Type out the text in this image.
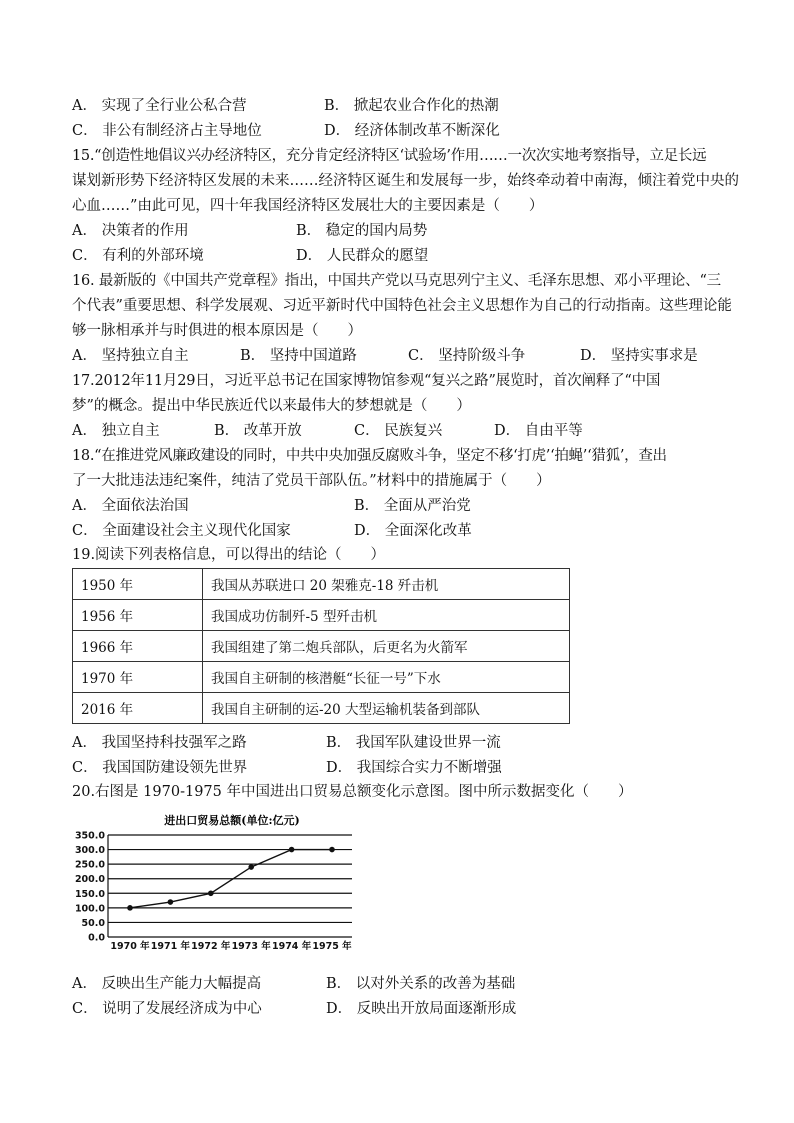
A． 实现了全行业公私合营	B． 掀起农业合作化的热潮
C． 非公有制经济占主导地位	D． 经济体制改革不断深化
15.“创造性地倡议兴办经济特区，充分肯定经济特区‘试验场’作用……一次次实地考察指导，立足长远
谋划新形势下经济特区发展的未来……经济特区诞生和发展每一步，始终牵动着中南海，倾注着党中央的
心血……”由此可见，四十年我国经济特区发展壮大的主要因素是（　　）
A． 决策者的作用	B． 稳定的国内局势
C． 有利的外部环境	D． 人民群众的愿望
16. 最新版的《中国共产党章程》指出，中国共产党以马克思列宁主义、毛泽东思想、邓小平理论、“三
个代表”重要思想、科学发展观、习近平新时代中国特色社会主义思想作为自己的行动指南。这些理论能
够一脉相承并与时俱进的根本原因是（　　）
A． 坚持独立自主	B． 坚持中国道路	C． 坚持阶级斗争	D． 坚持实事求是
17.2012年11月29日，习近平总书记在国家博物馆参观“复兴之路”展览时，首次阐释了“中国
梦”的概念。提出中华民族近代以来最伟大的梦想就是（　　）
A． 独立自主	B． 改革开放	C． 民族复兴	D． 自由平等
18.“在推进党风廉政建设的同时，中共中央加强反腐败斗争，坚定不移‘打虎’‘拍蝇’‘猎狐’，查出
了一大批违法违纪案件，纯洁了党员干部队伍。”材料中的措施属于（　　）
A． 全面依法治国	B． 全面从严治党
C． 全面建设社会主义现代化国家	D． 全面深化改革
19.阅读下列表格信息，可以得出的结论（　　）
1950 年	我国从苏联进口 20 架雅克-18 歼击机
1956 年	我国成功仿制歼-5 型歼击机
1966 年	我国组建了第二炮兵部队，后更名为火箭军
1970 年	我国自主研制的核潜艇“长征一号”下水
2016 年	我国自主研制的运-20 大型运输机装备到部队
A． 我国坚持科技强军之路	B． 我国军队建设世界一流
C． 我国国防建设领先世界	D． 我国综合实力不断增强
20.右图是 1970-1975 年中国进出口贸易总额变化示意图。图中所示数据变化（　　）
进出口贸易总额(单位:亿元)
350.0
300.0
250.0
200.0
150.0
100.0
50.0
0.0
1970 年 1971 年 1972 年 1973 年 1974 年 1975 年
A． 反映出生产能力大幅提高	B． 以对外关系的改善为基础
C． 说明了发展经济成为中心	D． 反映出开放局面逐渐形成
